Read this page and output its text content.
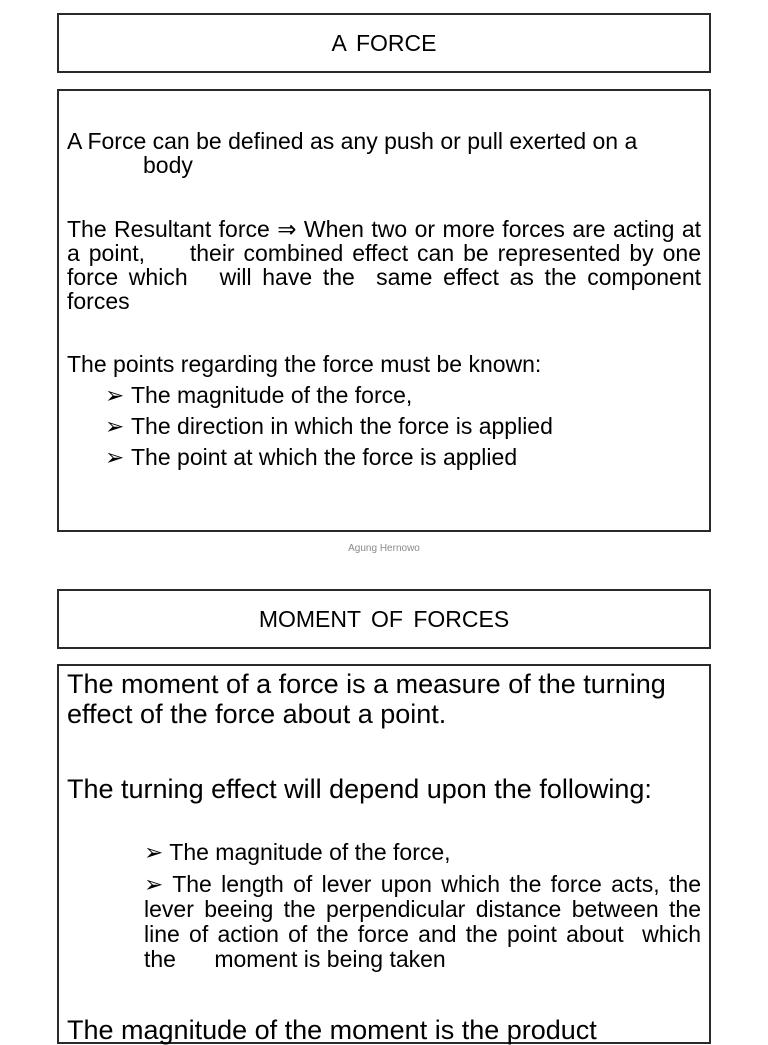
A FORCE
A Force can be defined as any push or pull exerted on a
body
The Resultant force ⇒ When two or more forces are acting at a point,     their combined effect can be represented by one force which   will have the  same effect as the component forces
The points regarding the force must be known:
➢ The magnitude of the force,
➢ The direction in which the force is applied
➢ The point at which the force is applied
Agung Hernowo
MOMENT OF FORCES
The moment of a force is a measure of the turning effect of the force about a point.
The turning effect will depend upon the following:
➢ The magnitude of the force,
➢ The length of lever upon which the force acts, the lever beeing the perpendicular distance between the line of action of the force and the point about  which the      moment is being taken
The magnitude of the moment is the product
